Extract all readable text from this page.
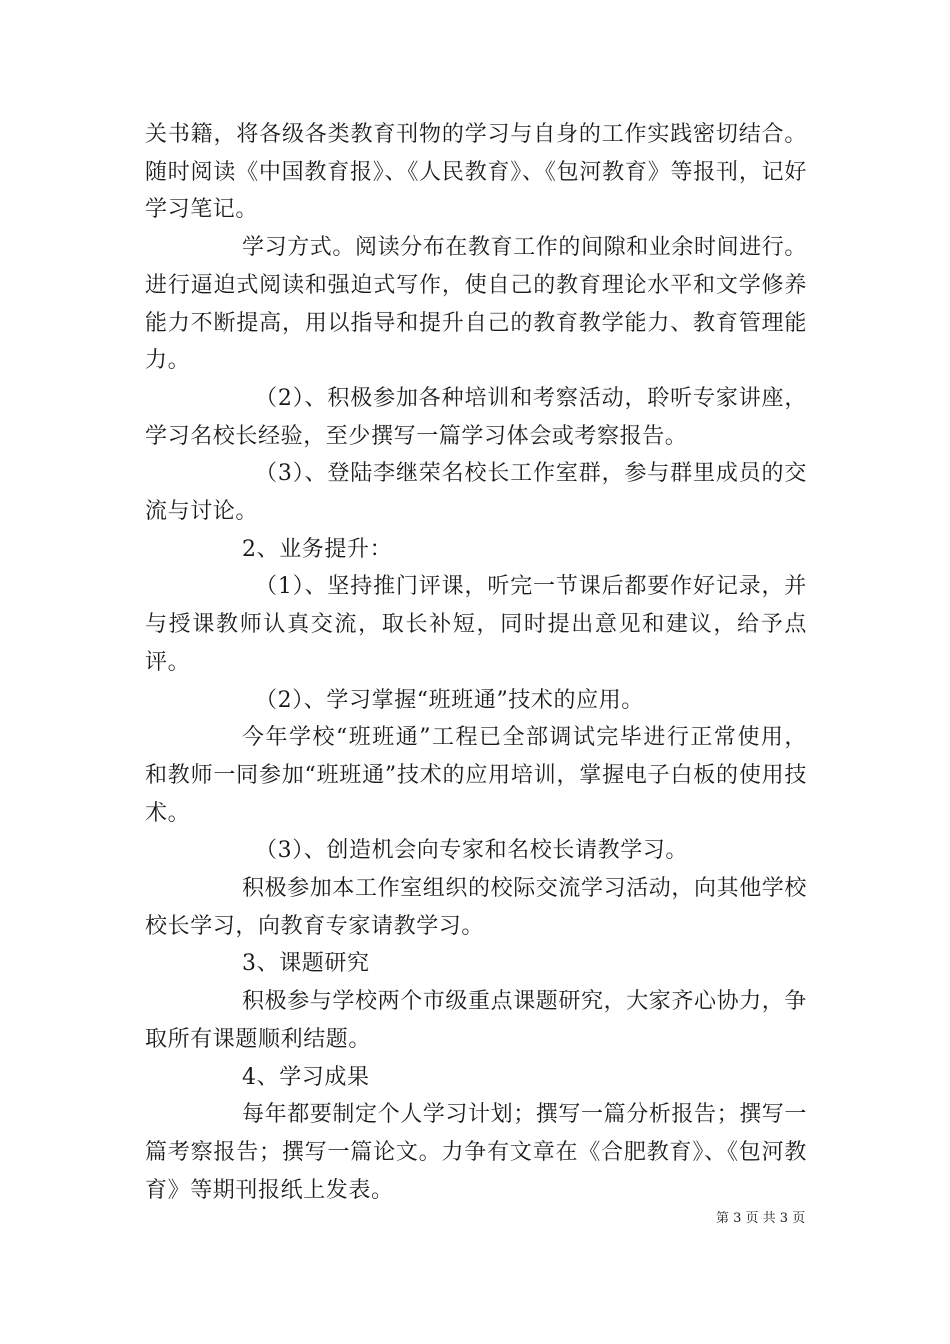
关书籍，将各级各类教育刊物的学习与自身的工作实践密切结合。随时阅读《中国教育报》、《人民教育》、《包河教育》等报刊，记好学习笔记。

学习方式。阅读分布在教育工作的间隙和业余时间进行。进行逼迫式阅读和强迫式写作，使自己的教育理论水平和文学修养能力不断提高，用以指导和提升自己的教育教学能力、教育管理能力。

（2）、积极参加各种培训和考察活动，聆听专家讲座，学习名校长经验，至少撰写一篇学习体会或考察报告。

（3）、登陆李继荣名校长工作室群，参与群里成员的交流与讨论。

2、业务提升：

（1）、坚持推门评课，听完一节课后都要作好记录，并与授课教师认真交流，取长补短，同时提出意见和建议，给予点评。

（2）、学习掌握“班班通”技术的应用。

今年学校“班班通”工程已全部调试完毕进行正常使用，和教师一同参加“班班通”技术的应用培训，掌握电子白板的使用技术。

（3）、创造机会向专家和名校长请教学习。

积极参加本工作室组织的校际交流学习活动，向其他学校校长学习，向教育专家请教学习。

3、课题研究

积极参与学校两个市级重点课题研究，大家齐心协力，争取所有课题顺利结题。

4、学习成果

每年都要制定个人学习计划；撰写一篇分析报告；撰写一篇考察报告；撰写一篇论文。力争有文章在《合肥教育》、《包河教育》等期刊报纸上发表。

第 3 页 共 3 页
